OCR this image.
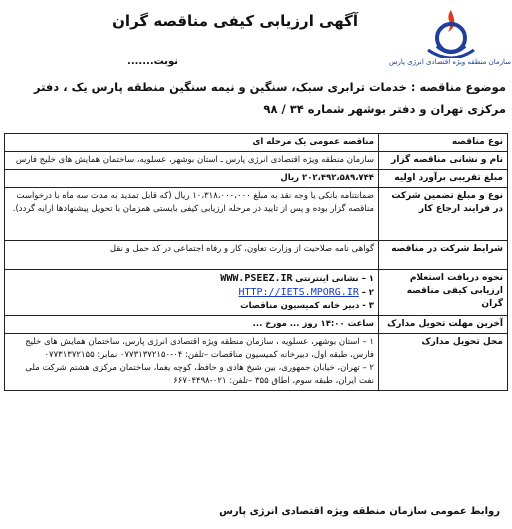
سازمان منطقه ویژه اقتصادی انرژی پارس
آگهی ارزیابی کیفی مناقصه گران
نوبت.......
موضوع مناقصه : خدمات ترابری سبک، سنگین و نیمه سنگین منطقه پارس یک ، دفتر مرکزی تهران و دفتر بوشهر شماره ۳۴ / ۹۸
نوع مناقصه	مناقصه عمومی یک مرحله ای
نام و نشانی مناقصه گزار	سازمان منطقه ویژه اقتصادی انرژی پارس ـ استان بوشهر، عسلویه، ساختمان همایش های خلیج فارس
مبلغ تقریبی برآورد اولیه	۲۰۲،۴۹۲،۵۸۹،۷۴۴ ریال
نوع و مبلغ تضمین شرکت در فرایند ارجاع کار	ضمانتنامه بانکی یا وجه نقد به مبلغ ۱۰،۳۱۸،۰۰۰،۰۰۰ ریال (که قابل تمدید به مدت سه ماه با درخواست مناقصه گزار بوده و پس از تایید در مرحله ارزیابی کیفی بایستی همزمان با تحویل پیشنهادها ارایه گردد).
شرایط شرکت در مناقصه	گواهی نامه صلاحیت از وزارت تعاون، کار و رفاه اجتماعی در کد حمل و نقل
نحوه دریافت استعلام ارزیابی کیفی مناقصه گران	۱ – نشانی اینترنتی WWW.PSEEZ.IR
۲ – HTTP://IETS.MPORG.IR
۳ - دبیر خانه کمیسیون مناقصات

آخرین مهلت تحویل مدارک	ساعت ۱۴:۰۰ روز ... مورخ ...
محل تحویل مدارک	۱ – استان بوشهر، عسلویه ، سازمان منطقه ویژه اقتصادی انرژی پارس، ساختمان همایش های خلیج فارس، طبقه اول، دبیرخانه کمیسیون مناقصات –تلفن: ۰۴-۰۷۷۳۱۳۷۲۱۵۰ نمابر: ۰۷۷۳۱۳۷۲۱۵۵
۲ – تهران، خیابان جمهوری، بین شیخ هادی و حافظ، کوچه یغما، ساختمان مرکزی هشتم شرکت ملی نفت ایران، طبقه سوم، اطاق ۳۵۵ –تلفن: ۰۲۱-۶۶۷۰۴۴۹۸
روابط عمومی سازمان منطقه ویژه اقتصادی انرژی پارس
